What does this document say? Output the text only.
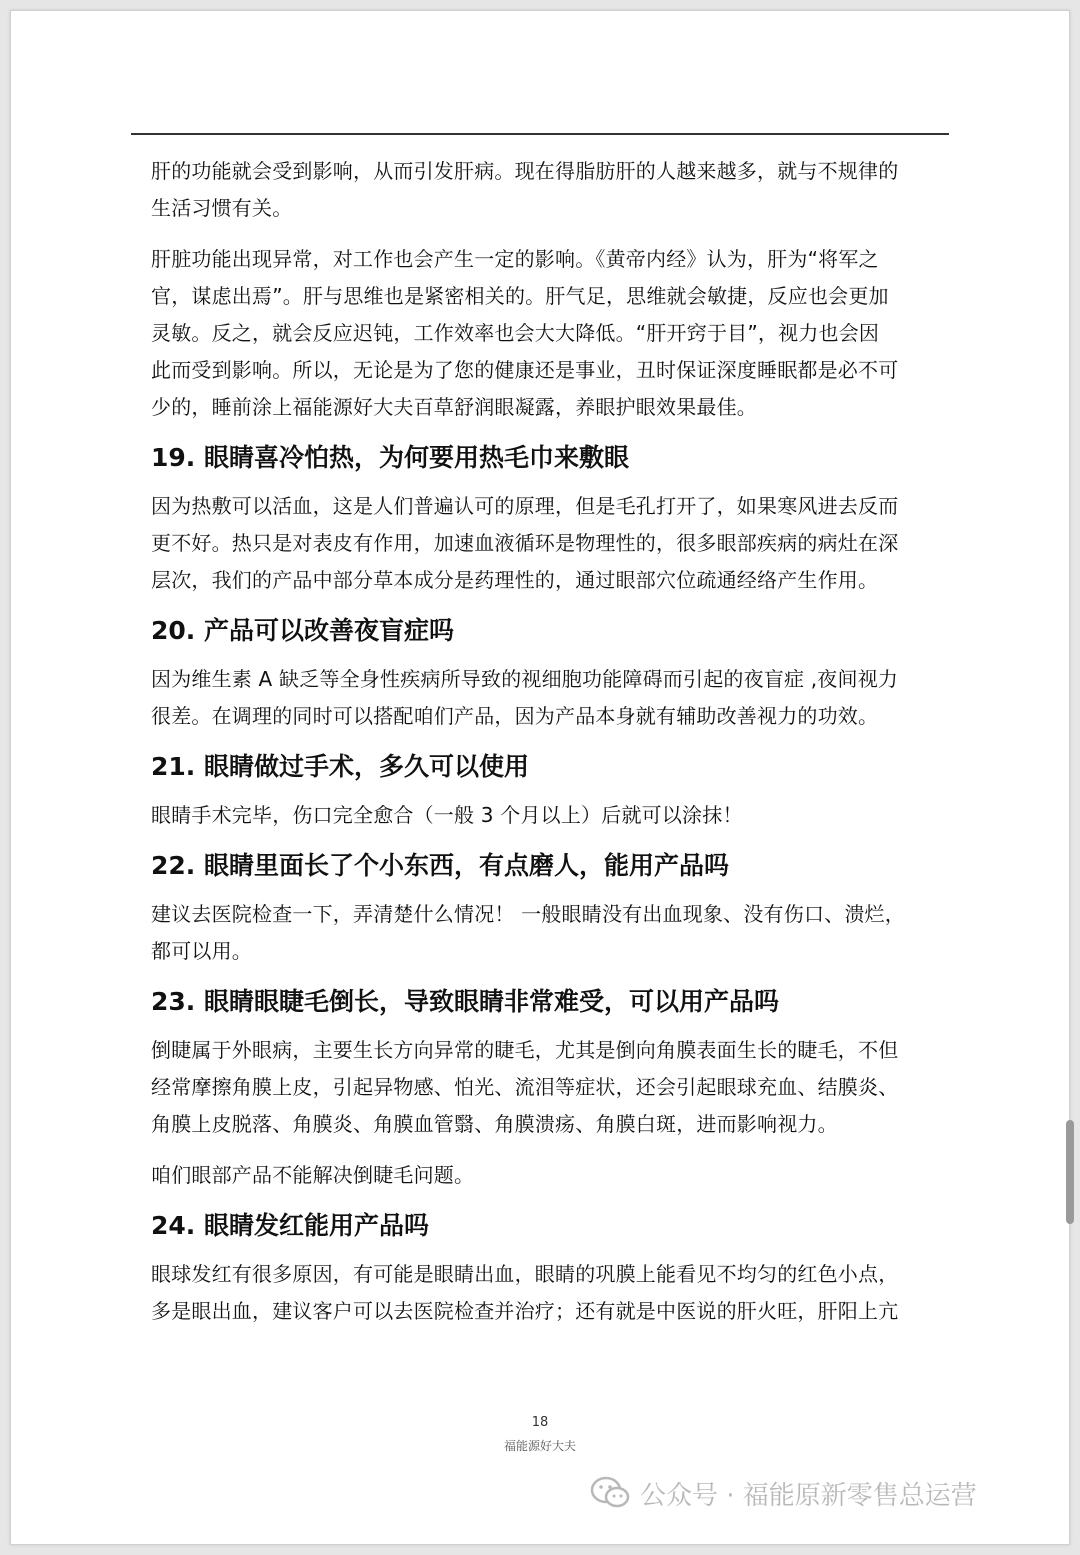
肝的功能就会受到影响，从而引发肝病。现在得脂肪肝的人越来越多，就与不规律的
生活习惯有关。

肝脏功能出现异常，对工作也会产生一定的影响。《黄帝内经》认为，肝为“将军之
官，谋虑出焉”。肝与思维也是紧密相关的。肝气足，思维就会敏捷，反应也会更加
灵敏。反之，就会反应迟钝，工作效率也会大大降低。“肝开窍于目”，视力也会因
此而受到影响。所以，无论是为了您的健康还是事业，丑时保证深度睡眠都是必不可
少的，睡前涂上福能源好大夫百草舒润眼凝露，养眼护眼效果最佳。

19. 眼睛喜冷怕热，为何要用热毛巾来敷眼

因为热敷可以活血，这是人们普遍认可的原理，但是毛孔打开了，如果寒风进去反而
更不好。热只是对表皮有作用，加速血液循环是物理性的，很多眼部疾病的病灶在深
层次，我们的产品中部分草本成分是药理性的，通过眼部穴位疏通经络产生作用。

20. 产品可以改善夜盲症吗

因为维生素 A 缺乏等全身性疾病所导致的视细胞功能障碍而引起的夜盲症 ,夜间视力
很差。在调理的同时可以搭配咱们产品，因为产品本身就有辅助改善视力的功效。

21. 眼睛做过手术，多久可以使用

眼睛手术完毕，伤口完全愈合（一般 3 个月以上）后就可以涂抹！

22. 眼睛里面长了个小东西，有点磨人，能用产品吗

建议去医院检查一下，弄清楚什么情况！ 一般眼睛没有出血现象、没有伤口、溃烂，
都可以用。

23. 眼睛眼睫毛倒长，导致眼睛非常难受，可以用产品吗

倒睫属于外眼病，主要生长方向异常的睫毛，尤其是倒向角膜表面生长的睫毛，不但
经常摩擦角膜上皮，引起异物感、怕光、流泪等症状，还会引起眼球充血、结膜炎、
角膜上皮脱落、角膜炎、角膜血管翳、角膜溃疡、角膜白斑，进而影响视力。

咱们眼部产品不能解决倒睫毛问题。

24. 眼睛发红能用产品吗

眼球发红有很多原因，有可能是眼睛出血，眼睛的巩膜上能看见不均匀的红色小点，
多是眼出血，建议客户可以去医院检查并治疗；还有就是中医说的肝火旺，肝阳上亢

18
福能源好大夫
公众号 · 福能原新零售总运营
